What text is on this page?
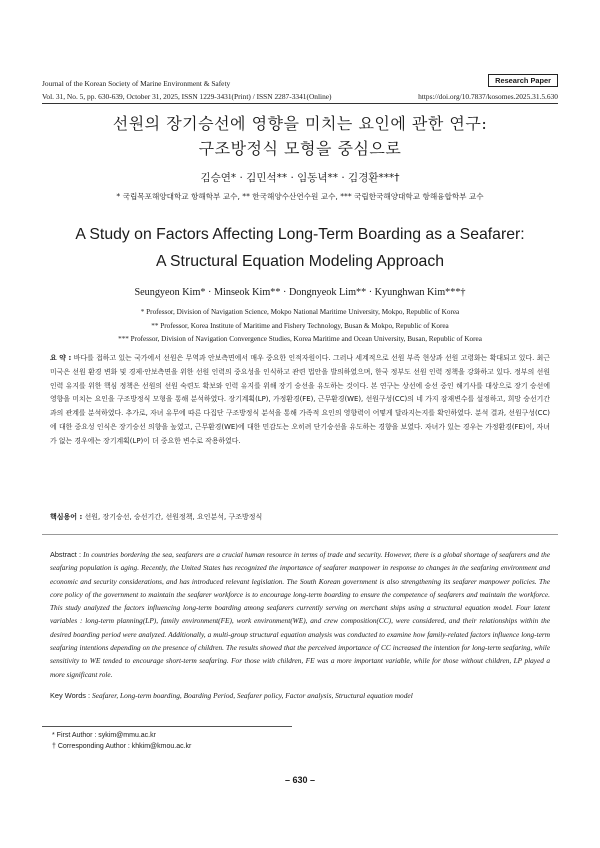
Journal of the Korean Society of Marine Environment & Safety	Research Paper
Vol. 31, No. 5, pp. 630-639, October 31, 2025, ISSN 1229-3431(Print) / ISSN 2287-3341(Online)	https://doi.org/10.7837/kosomes.2025.31.5.630
선원의 장기승선에 영향을 미치는 요인에 관한 연구:
구조방정식 모형을 중심으로
김승연* · 김민석** · 임동녁** · 김경환***†
* 국립목포해양대학교 항해학부 교수, ** 한국해양수산연수원 교수, *** 국립한국해양대학교 항해융합학부 교수
A Study on Factors Affecting Long-Term Boarding as a Seafarer:
A Structural Equation Modeling Approach
Seungyeon Kim* · Minseok Kim** · Dongnyeok Lim** · Kyunghwan Kim***†
* Professor, Division of Navigation Science, Mokpo National Maritime University, Mokpo, Republic of Korea
** Professor, Korea Institute of Maritime and Fishery Technology, Busan & Mokpo, Republic of Korea
*** Professor, Division of Navigation Convergence Studies, Korea Maritime and Ocean University, Busan, Republic of Korea
요 약 : 바다를 접하고 있는 국가에서 선원은 무역과 안보측면에서 매우 중요한 인적자원이다. 그러나 세계적으로 선원 부족 현상과 선원 고령화는 확대되고 있다. 최근 미국은 선원 환경 변화 및 경제·안보측면을 위한 선원 인력의 중요성을 인식하고 관련 법안을 발의하였으며, 한국 정부도 선원 인력 정책을 강화하고 있다. 정부의 선원 인력 유지를 위한 핵심 정책은 선원의 선원 숙련도 확보와 인력 유지를 위해 장기 승선을 유도하는 것이다. 본 연구는 상선에 승선 중인 해기사를 대상으로 장기 승선에 영향을 미치는 요인을 구조방정식 모형을 통해 분석하였다. 장기계획(LP), 가정환경(FE), 근무환경(WE), 선원구성(CC)의 네 가지 잠재변수를 설정하고, 희망 승선기간과의 관계를 분석하였다. 추가로, 자녀 유무에 따른 다집단 구조방정식 분석을 통해 가족적 요인의 영향력이 어떻게 달라지는지를 확인하였다. 분석 결과, 선원구성(CC)에 대한 중요성 인식은 장기승선 의향을 높였고, 근무환경(WE)에 대한 민감도는 오히려 단기승선을 유도하는 경향을 보였다. 자녀가 있는 경우는 가정환경(FE)이, 자녀가 없는 경우에는 장기계획(LP)이 더 중요한 변수로 작용하였다.
핵심용어 : 선원, 장기승선, 승선기간, 선원정책, 요인분석, 구조방정식
Abstract : In countries bordering the sea, seafarers are a crucial human resource in terms of trade and security. However, there is a global shortage of seafarers and the seafaring population is aging. Recently, the United States has recognized the importance of seafarer manpower in response to changes in the seafaring environment and economic and security considerations, and has introduced relevant legislation. The South Korean government is also strengthening its seafarer manpower policies. The core policy of the government to maintain the seafarer workforce is to encourage long-term boarding to ensure the competence of seafarers and maintain the workforce. This study analyzed the factors influencing long-term boarding among seafarers currently serving on merchant ships using a structural equation model. Four latent variables : long-term planning(LP), family environment(FE), work environment(WE), and crew composition(CC), were considered, and their relationships within the desired boarding period were analyzed. Additionally, a multi-group structural equation analysis was conducted to examine how family-related factors influence long-term seafaring intentions depending on the presence of children. The results showed that the perceived importance of CC increased the intention for long-term seafaring, while sensitivity to WE tended to encourage short-term seafaring. For those with children, FE was a more important variable, while for those without children, LP played a more significant role.
Key Words : Seafarer, Long-term boarding, Boarding Period, Seafarer policy, Factor analysis, Structural equation model
* First Author : sykim@mmu.ac.kr
† Corresponding Author : khkim@kmou.ac.kr
– 630 –
